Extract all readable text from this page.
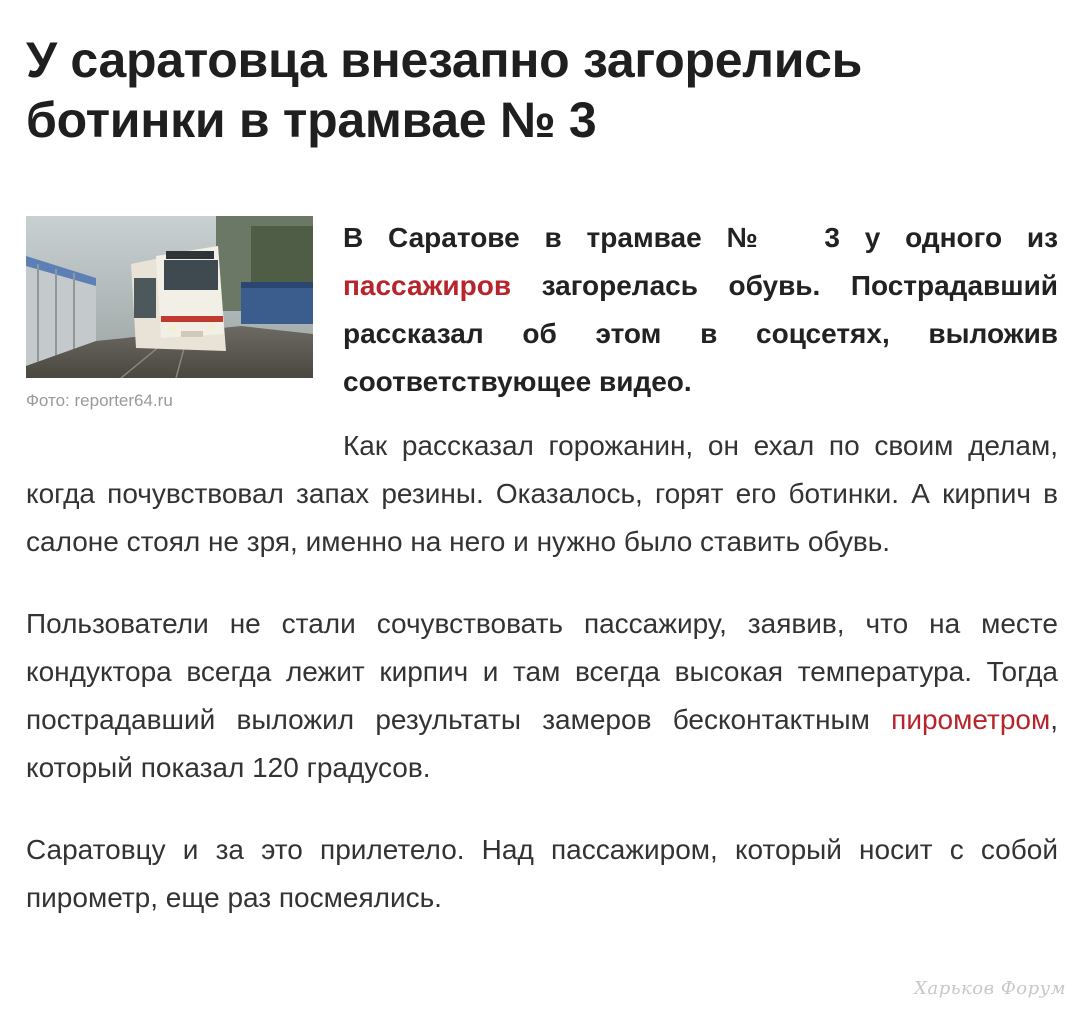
У саратовца внезапно загорелись ботинки в трамвае № 3
Фото: reporter64.ru

В Саратове в трамвае №  3 у одного из пассажиров загорелась обувь. Пострадавший рассказал об этом в соцсетях, выложив соответствующее видео.

Как рассказал горожанин, он ехал по своим делам, когда почувствовал запах резины. Оказалось, горят его ботинки. А кирпич в салоне стоял не зря, именно на него и нужно было ставить обувь.

Пользователи не стали сочувствовать пассажиру, заявив, что на месте кондуктора всегда лежит кирпич и там всегда высокая температура. Тогда пострадавший выложил результаты замеров бесконтактным пирометром, который показал 120 градусов.

Саратовцу и за это прилетело. Над пассажиром, который носит с собой пирометр, еще раз посмеялись.

Харьков Форум
